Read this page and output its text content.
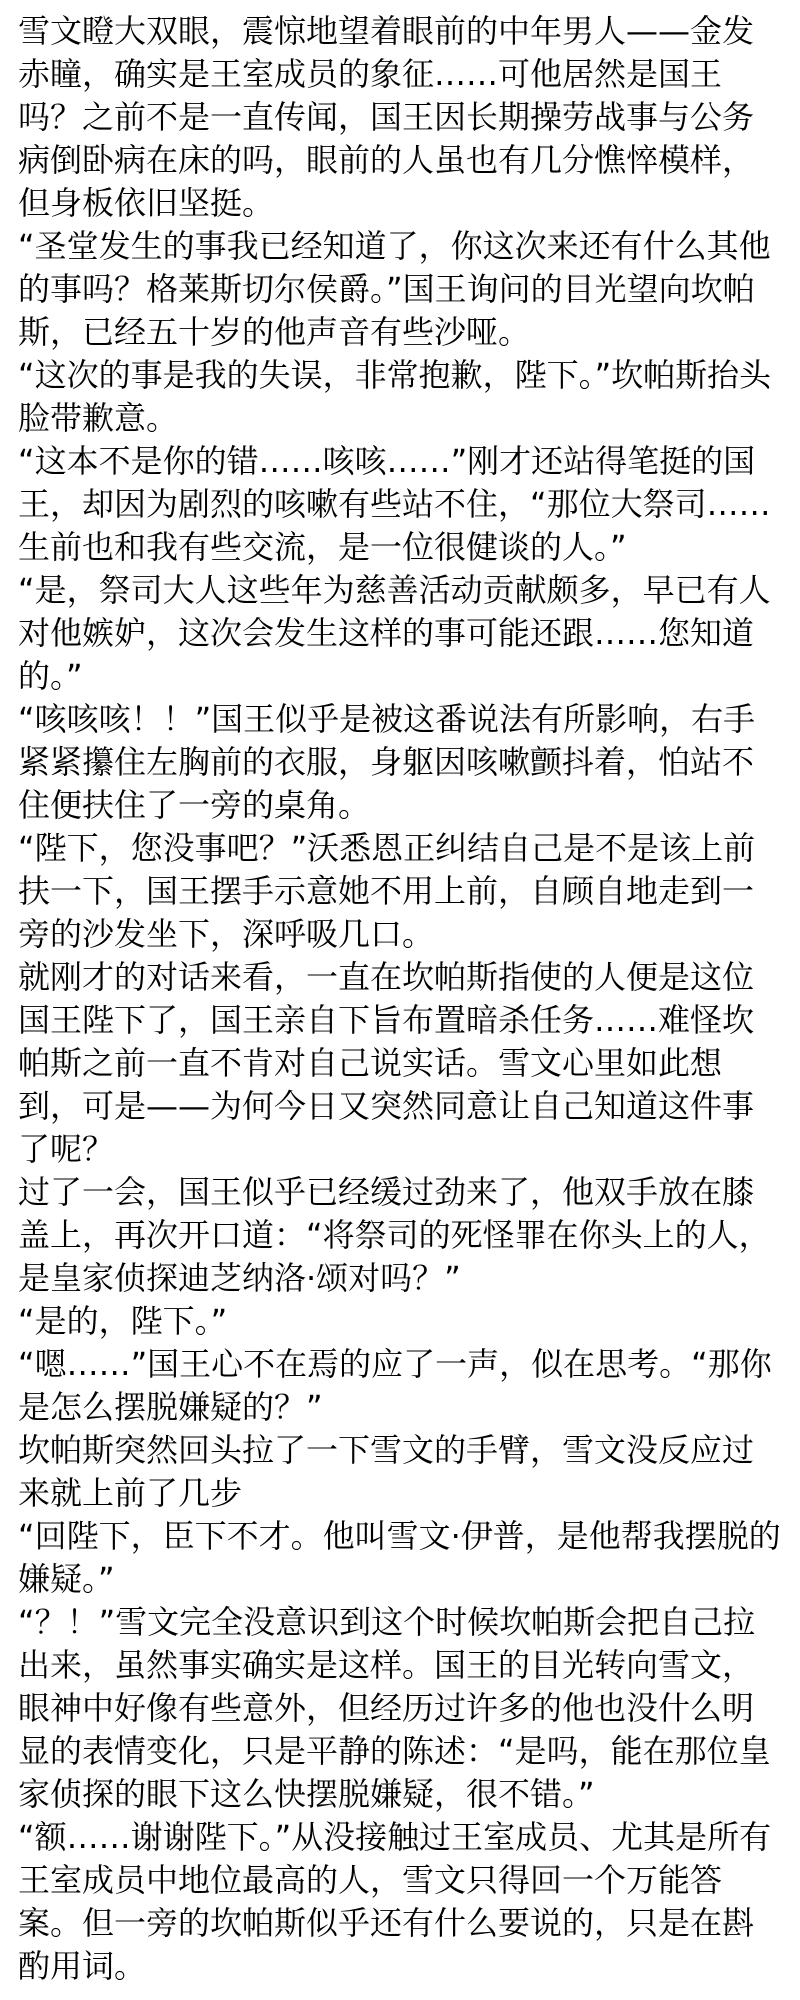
雪文瞪大双眼，震惊地望着眼前的中年男人——金发赤瞳，确实是王室成员的象征……可他居然是国王吗？之前不是一直传闻，国王因长期操劳战事与公务病倒卧病在床的吗，眼前的人虽也有几分憔悴模样，但身板依旧坚挺。

“圣堂发生的事我已经知道了，你这次来还有什么其他的事吗？格莱斯切尔侯爵。”国王询问的目光望向坎帕斯，已经五十岁的他声音有些沙哑。

“这次的事是我的失误，非常抱歉，陛下。”坎帕斯抬头脸带歉意。

“这本不是你的错……咳咳……”刚才还站得笔挺的国王，却因为剧烈的咳嗽有些站不住，“那位大祭司……生前也和我有些交流，是一位很健谈的人。”

“是，祭司大人这些年为慈善活动贡献颇多，早已有人对他嫉妒，这次会发生这样的事可能还跟……您知道的。”

“咳咳咳！！”国王似乎是被这番说法有所影响，右手紧紧攥住左胸前的衣服，身躯因咳嗽颤抖着，怕站不住便扶住了一旁的桌角。

“陛下，您没事吧？”沃悉恩正纠结自己是不是该上前扶一下，国王摆手示意她不用上前，自顾自地走到一旁的沙发坐下，深呼吸几口。

就刚才的对话来看，一直在坎帕斯指使的人便是这位国王陛下了，国王亲自下旨布置暗杀任务……难怪坎帕斯之前一直不肯对自己说实话。雪文心里如此想到，可是——为何今日又突然同意让自己知道这件事了呢？

过了一会，国王似乎已经缓过劲来了，他双手放在膝盖上，再次开口道：“将祭司的死怪罪在你头上的人，是皇家侦探迪芝纳洛·颂对吗？”

“是的，陛下。”

“嗯……”国王心不在焉的应了一声，似在思考。“那你是怎么摆脱嫌疑的？”

坎帕斯突然回头拉了一下雪文的手臂，雪文没反应过来就上前了几步

“回陛下，臣下不才。他叫雪文·伊普，是他帮我摆脱的嫌疑。”

“？！”雪文完全没意识到这个时候坎帕斯会把自己拉出来，虽然事实确实是这样。国王的目光转向雪文，眼神中好像有些意外，但经历过许多的他也没什么明显的表情变化，只是平静的陈述：“是吗，能在那位皇家侦探的眼下这么快摆脱嫌疑，很不错。”

“额……谢谢陛下。”从没接触过王室成员、尤其是所有王室成员中地位最高的人，雪文只得回一个万能答案。但一旁的坎帕斯似乎还有什么要说的，只是在斟酌用词。
